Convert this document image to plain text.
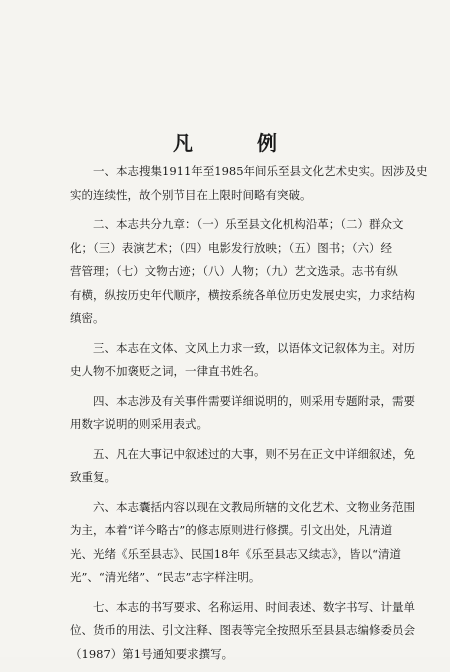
凡　例
一、本志搜集1911年至1985年间乐至县文化艺术史实。因涉及史
实的连续性，故个别节目在上限时间略有突破。
二、本志共分九章：（一）乐至县文化机构沿革；（二）群众文
化；（三）表演艺术；（四）电影发行放映；（五）图书；（六）经
营管理；（七）文物古迹；（八）人物；（九）艺文选录。志书有纵
有横，纵按历史年代顺序，横按系统各单位历史发展史实，力求结构
缜密。
三、本志在文体、文风上力求一致，以语体文记叙体为主。对历
史人物不加褒贬之词，一律直书姓名。
四、本志涉及有关事件需要详细说明的，则采用专题附录，需要
用数字说明的则采用表式。
五、凡在大事记中叙述过的大事，则不另在正文中详细叙述，免
致重复。
六、本志囊括内容以现在文教局所辖的文化艺术、文物业务范围
为主，本着“详今略古”的修志原则进行修撰。引文出处，凡清道
光、光绪《乐至县志》、民国18年《乐至县志又续志》，皆以“清道
光”、“清光绪”、“民志”志字样注明。
七、本志的书写要求、名称运用、时间表述、数字书写、计量单
位、货币的用法、引文注释、图表等完全按照乐至县县志编修委员会
（1987）第1号通知要求撰写。
